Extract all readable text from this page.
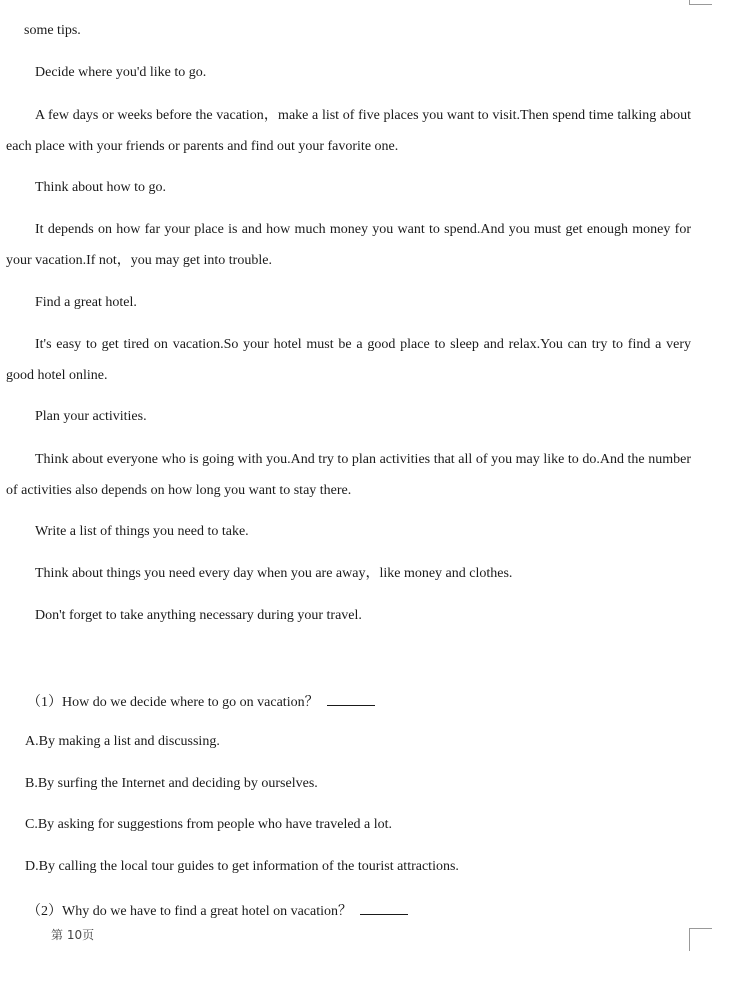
some tips.
Decide where you'd like to go.
A few days or weeks before the vacation，make a list of five places you want to visit.Then spend time talking about each place with your friends or parents and find out your favorite one.
Think about how to go.
It depends on how far your place is and how much money you want to spend.And you must get enough money for your vacation.If not，you may get into trouble.
Find a great hotel.
It's easy to get tired on vacation.So your hotel must be a good place to sleep and relax.You can try to find a very good hotel online.
Plan your activities.
Think about everyone who is going with you.And try to plan activities that all of you may like to do.And the number of activities also depends on how long you want to stay there.
Write a list of things you need to take.
Think about things you need every day when you are away，like money and clothes.
Don't forget to take anything necessary during your travel.
（1）How do we decide where to go on vacation？
A.By making a list and discussing.
B.By surfing the Internet and deciding by ourselves.
C.By asking for suggestions from people who have traveled a lot.
D.By calling the local tour guides to get information of the tourist attractions.
（2）Why do we have to find a great hotel on vacation？
第 10页
